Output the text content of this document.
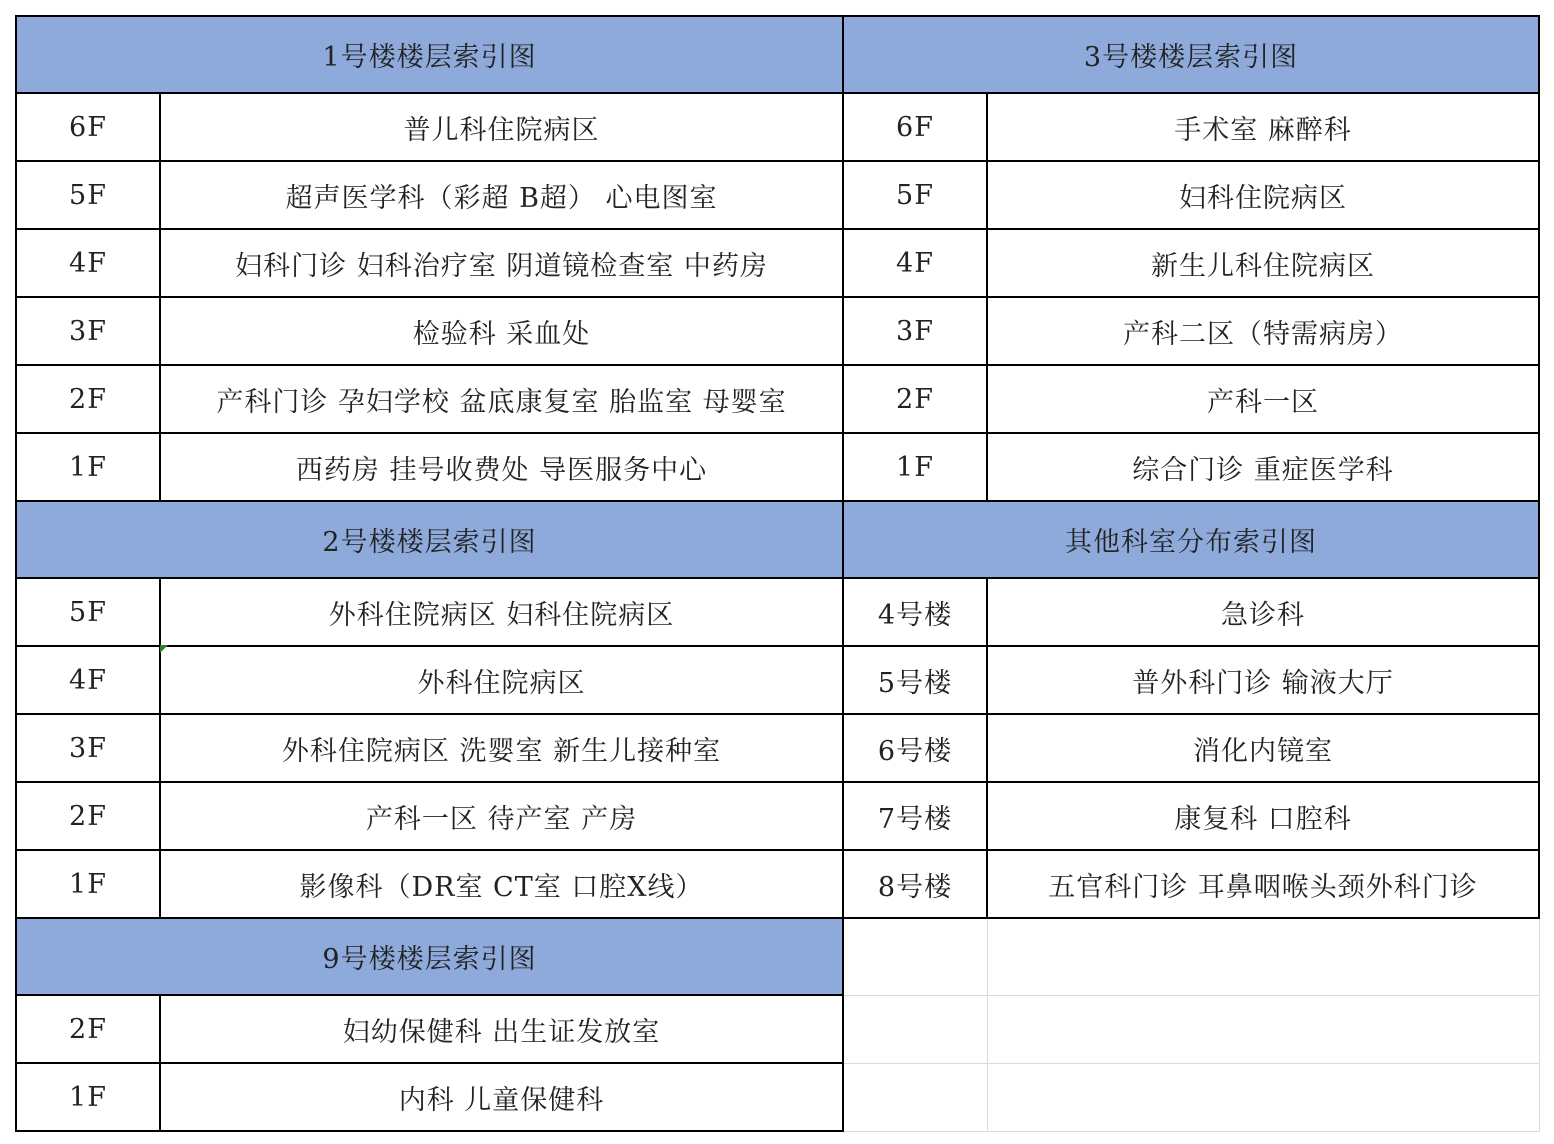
1号楼楼层索引图		3号楼楼层索引图	
6F	普儿科住院病区	6F	手术室 麻醉科
5F	超声医学科（彩超 B超） 心电图室	5F	妇科住院病区
4F	妇科门诊 妇科治疗室 阴道镜检查室 中药房	4F	新生儿科住院病区
3F	检验科 采血处	3F	产科二区（特需病房）
2F	产科门诊 孕妇学校 盆底康复室 胎监室 母婴室	2F	产科一区
1F	西药房 挂号收费处 导医服务中心	1F	综合门诊 重症医学科
2号楼楼层索引图		其他科室分布索引图	
5F	外科住院病区 妇科住院病区	4号楼	急诊科
4F	外科住院病区	5号楼	普外科门诊 输液大厅
3F	外科住院病区 洗婴室 新生儿接种室	6号楼	消化内镜室
2F	产科一区 待产室 产房	7号楼	康复科 口腔科
1F	影像科（DR室 CT室 口腔X线）	8号楼	五官科门诊 耳鼻咽喉头颈外科门诊
9号楼楼层索引图			
2F	妇幼保健科 出生证发放室		
1F	内科 儿童保健科		
